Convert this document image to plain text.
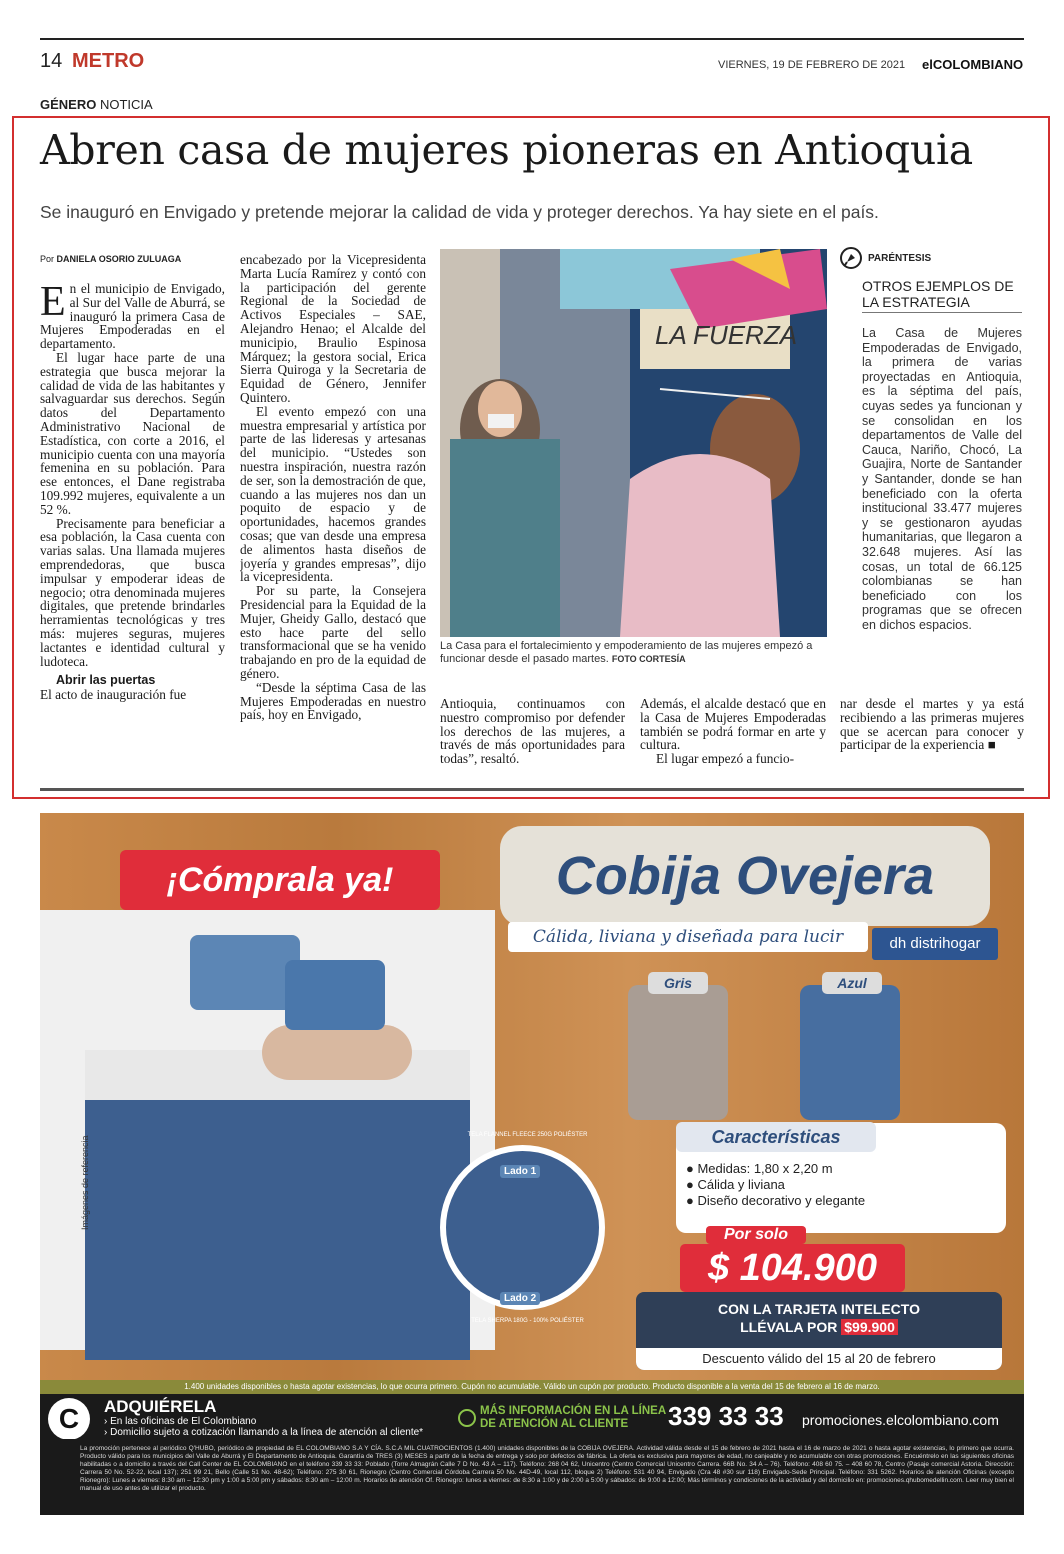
14 METRO	VIERNES, 19 DE FEBRERO DE 2021 elCOLOMBIANO
GÉNERO NOTICIA
Abren casa de mujeres pioneras en Antioquia
Se inauguró en Envigado y pretende mejorar la calidad de vida y proteger derechos. Ya hay siete en el país.
Por DANIELA OSORIO ZULUAGA

En el municipio de Envigado, al Sur del Valle de Aburrá, se inauguró la primera Casa de Mujeres Empoderadas en el departamento.

El lugar hace parte de una estrategia que busca mejorar la calidad de vida de las habitantes y salvaguardar sus derechos. Según datos del Departamento Administrativo Nacional de Estadística, con corte a 2016, el municipio cuenta con una mayoría femenina en su población. Para ese entonces, el Dane registraba 109.992 mujeres, equivalente a un 52 %.

Precisamente para beneficiar a esa población, la Casa cuenta con varias salas. Una llamada mujeres emprendedoras, que busca impulsar y empoderar ideas de negocio; otra denominada mujeres digitales, que pretende brindarles herramientas tecnológicas y tres más: mujeres seguras, mujeres lactantes e identidad cultural y ludoteca.

Abrir las puertas

El acto de inauguración fue

encabezado por la Vicepresidenta Marta Lucía Ramírez y contó con la participación del gerente Regional de la Sociedad de Activos Especiales – SAE, Alejandro Henao; el Alcalde del municipio, Braulio Espinosa Márquez; la gestora social, Erica Sierra Quiroga y la Secretaria de Equidad de Género, Jennifer Quintero.

El evento empezó con una muestra empresarial y artística por parte de las lideresas y artesanas del municipio. “Ustedes son nuestra inspiración, nuestra razón de ser, son la demostración de que, cuando a las mujeres nos dan un poquito de espacio y de oportunidades, hacemos grandes cosas; que van desde una empresa de alimentos hasta diseños de joyería y grandes empresas”, dijo la vicepresidenta.

Por su parte, la Consejera Presidencial para la Equidad de la Mujer, Gheidy Gallo, destacó que esto hace parte del sello transformacional que se ha venido trabajando en pro de la equidad de género.

“Desde la séptima Casa de las Mujeres Empoderadas en nuestro país, hoy en Envigado,

LA FUERZA
La Casa para el fortalecimiento y empoderamiento de las mujeres empezó a funcionar desde el pasado martes. FOTO CORTESÍA

Antioquia, continuamos con nuestro compromiso por defender los derechos de las mujeres, a través de más oportunidades para todas”, resaltó.

Además, el alcalde destacó que en la Casa de Mujeres Empoderadas también se podrá formar en arte y cultura.

El lugar empezó a funcio-

nar desde el martes y ya está recibiendo a las primeras mujeres que se acercan para conocer y participar de la experiencia ■

PARÉNTESIS
OTROS EJEMPLOS DE LA ESTRATEGIA
La Casa de Mujeres Empoderadas de Envigado, la primera de varias proyectadas en Antioquia, es la séptima del país, cuyas sedes ya funcionan y se consolidan en los departamentos de Valle del Cauca, Nariño, Chocó, La Guajira, Norte de Santander y Santander, donde se han beneficiado con la oferta institucional 33.477 mujeres y se gestionaron ayudas humanitarias, que llegaron a 32.648 mujeres. Así las cosas, un total de 66.125 colombianas se han beneficiado con los programas que se ofrecen en dichos espacios.
Imágenes de referencia
¡Cómprala ya!	Cobija Ovejera
Cálida, liviana y diseñada para lucir	dh distrihogar
Gris	Azul
Lado 1
Lado 2
TELA FLANNEL FLEECE 250G POLIÉSTER
TELA SHERPA 180G - 100% POLIÉSTER
● Medidas: 1,80 x 2,20 m
● Cálida y liviana
● Diseño decorativo y elegante
Características
Por solo
$ 104.900
CON LA TARJETA INTELECTO
LLÉVALA POR $99.900
Descuento válido del 15 al 20 de febrero
1.400 unidades disponibles o hasta agotar existencias, lo que ocurra primero. Cupón no acumulable. Válido un cupón por producto. Producto disponible a la venta del 15 de febrero al 16 de marzo.
C	ADQUIÉRELA
› En las oficinas de El Colombiano
› Domicilio sujeto a cotización llamando a la línea de atención al cliente*
MÁS INFORMACIÓN EN LA LÍNEA
DE ATENCIÓN AL CLIENTE	339 33 33 promociones.elcolombiano.com
La promoción pertenece al periódico Q'HUBO, periódico de propiedad de EL COLOMBIANO S.A Y CÍA. S.C.A MIL CUATROCIENTOS (1.400) unidades disponibles de la COBIJA OVEJERA. Actividad válida desde el 15 de febrero de 2021 hasta el 16 de marzo de 2021 o hasta agotar existencias, lo primero que ocurra. Producto válido para los municipios del Valle de Aburrá y El Departamento de Antioquia. Garantía de TRES (3) MESES a partir de la fecha de entrega y solo por defectos de fábrica. La oferta es exclusiva para mayores de edad, no canjeable y no acumulable con otras promociones. Encuéntrelo en las siguientes oficinas habilitadas o a domicilio a través del Call Center de EL COLOMBIANO en el teléfono 339 33 33: Poblado (Torre Almagrán Calle 7 D No. 43 A – 117). Teléfono: 268 04 62, Unicentro (Centro Comercial Unicentro Carrera. 66B No. 34 A – 76). Teléfono: 408 60 75. – 408 60 78, Centro (Pasaje comercial Astoria. Dirección: Carrera 50 No. 52-22, local 137); 251 99 21, Bello (Calle 51 No. 48-62); Teléfono: 275 30 61, Rionegro (Centro Comercial Córdoba Carrera 50 No. 44D-49, local 112, bloque 2) Teléfono: 531 40 94, Envigado (Cra 48 #30 sur 118) Envigado-Sede Principal. Teléfono: 331 5262. Horarios de atención Oficinas (excepto Rionegro): Lunes a viernes: 8:30 am – 12:30 pm y 1:00 a 5:00 pm y sábados: 8:30 am – 12:00 m. Horarios de atención Of. Rionegro: lunes a viernes: de 8:30 a 1:00 y de 2:00 a 5:00 y sábados: de 9:00 a 12:00; Más términos y condiciones de la actividad y del domicilio en: promociones.qhubomedellin.com. Leer muy bien el manual de uso antes de utilizar el producto.
